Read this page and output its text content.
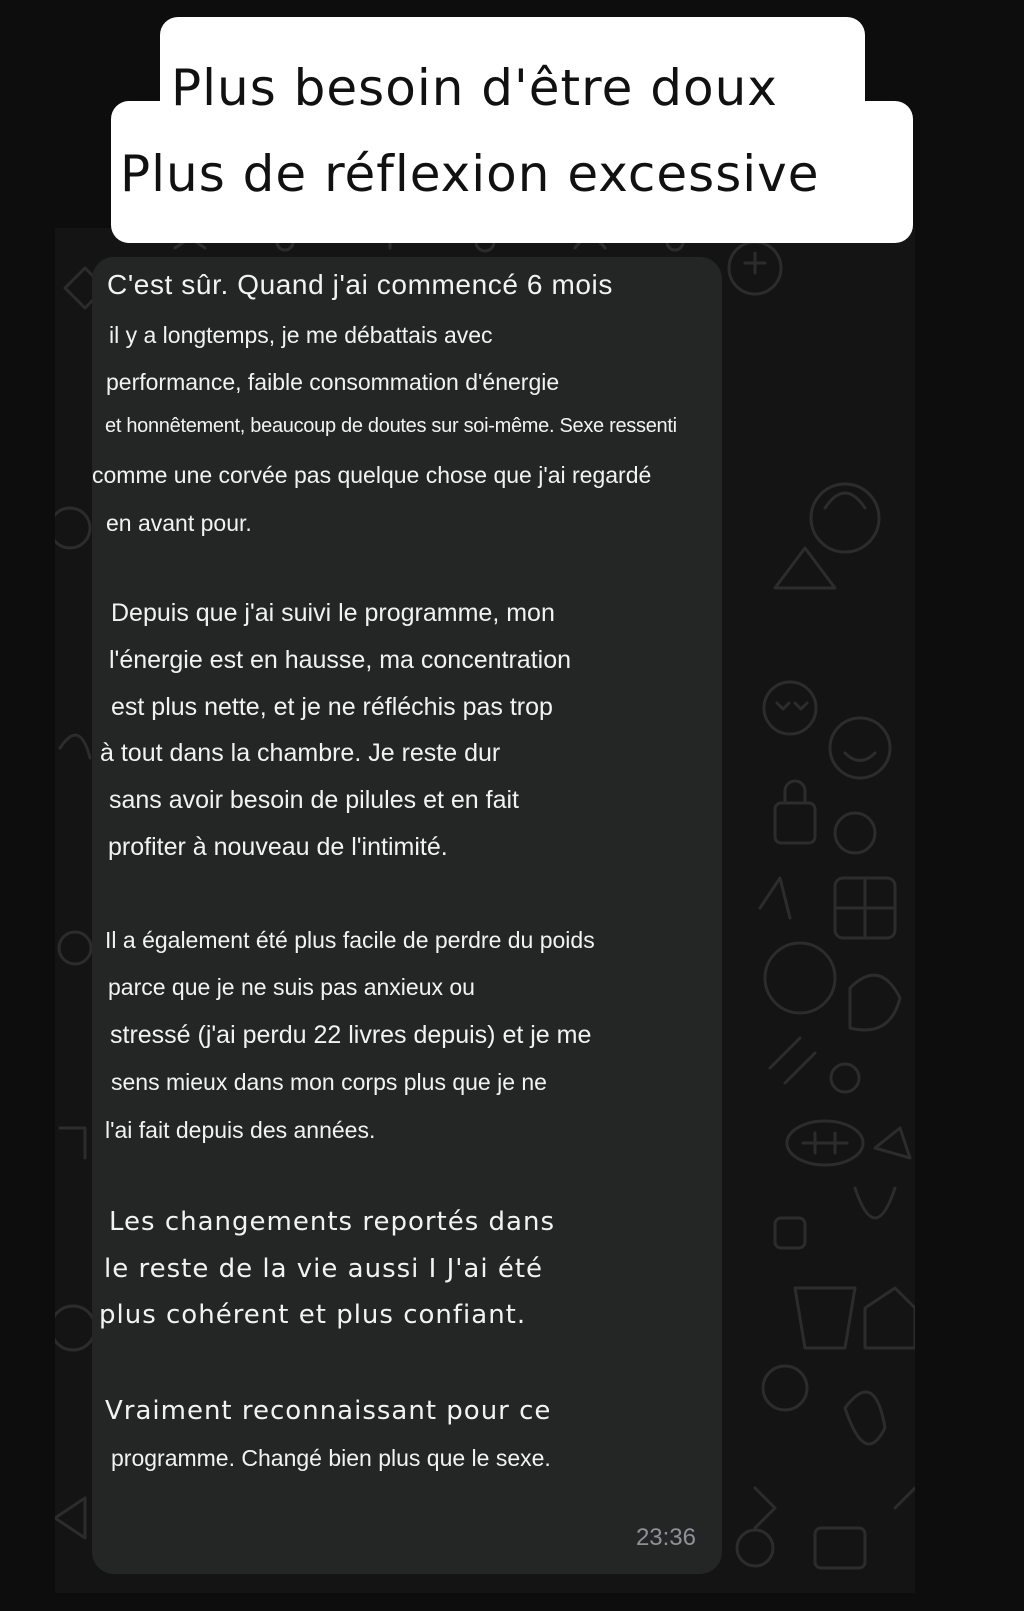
Plus besoin d'être doux
Plus de réflexion excessive
C'est sûr. Quand j'ai commencé 6 mois
il y a longtemps, je me débattais avec
performance, faible consommation d'énergie
et honnêtement, beaucoup de doutes sur soi-même. Sexe ressenti
comme une corvée pas quelque chose que j'ai regardé
en avant pour.
Depuis que j'ai suivi le programme, mon
l'énergie est en hausse, ma concentration
est plus nette, et je ne réfléchis pas trop
à tout dans la chambre. Je reste dur
sans avoir besoin de pilules et en fait
profiter à nouveau de l'intimité.
Il a également été plus facile de perdre du poids
parce que je ne suis pas anxieux ou
stressé (j'ai perdu 22 livres depuis) et je me
sens mieux dans mon corps plus que je ne
l'ai fait depuis des années.
Les changements reportés dans
le reste de la vie aussi I J'ai été
plus cohérent et plus confiant.
Vraiment reconnaissant pour ce
programme. Changé bien plus que le sexe.
23:36
